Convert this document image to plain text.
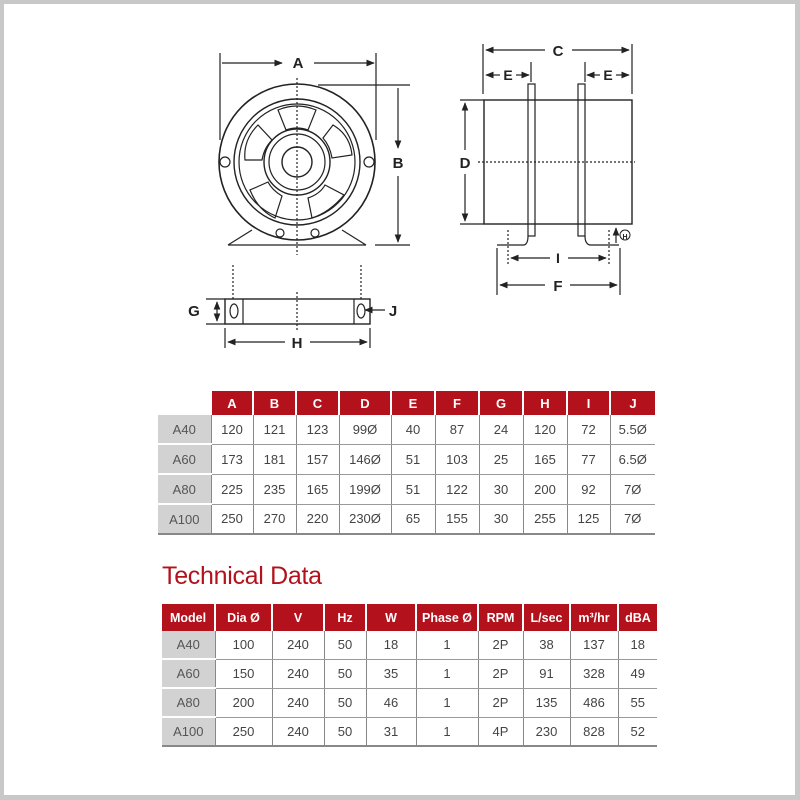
A
B
C
E	E
D
I
F
H
G	J
H
	A	B	C	D	E	F	G	H	I	J
A40	120	121	123	99Ø	40	87	24	120	72	5.5Ø
A60	173	181	157	146Ø	51	103	25	165	77	6.5Ø
A80	225	235	165	199Ø	51	122	30	200	92	7Ø
A100	250	270	220	230Ø	65	155	30	255	125	7Ø
Technical Data
Model	Dia Ø	V	Hz	W	Phase Ø	RPM	L/sec	m³/hr	dBA
A40	100	240	50	18	1	2P	38	137	18
A60	150	240	50	35	1	2P	91	328	49
A80	200	240	50	46	1	2P	135	486	55
A100	250	240	50	31	1	4P	230	828	52
